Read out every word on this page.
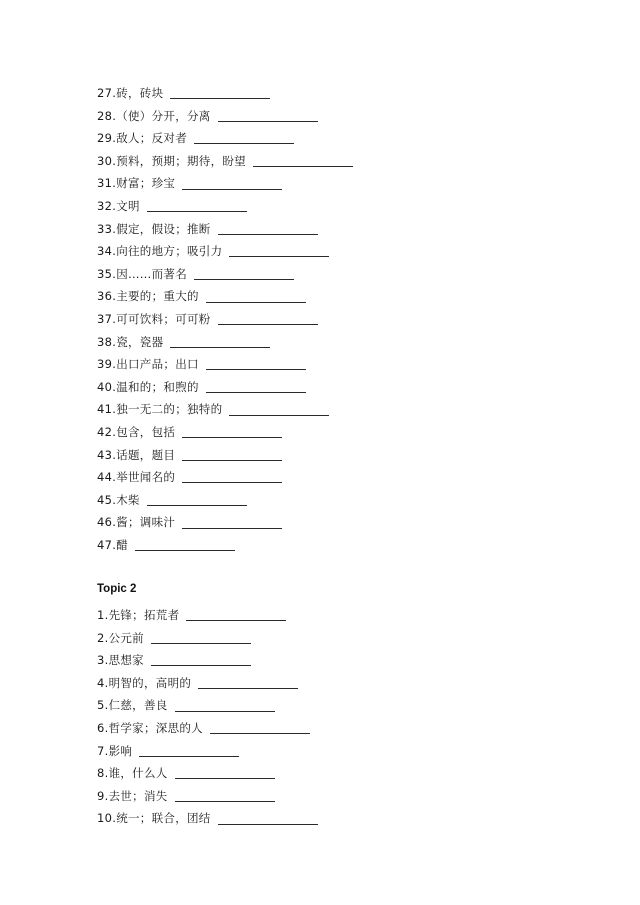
27.砖，砖块
28.（使）分开，分离
29.敌人；反对者
30.预料，预期；期待，盼望
31.财富；珍宝
32.文明
33.假定，假设；推断
34.向往的地方；吸引力
35.因……而著名
36.主要的；重大的
37.可可饮料；可可粉
38.瓷，瓷器
39.出口产品；出口
40.温和的；和煦的
41.独一无二的；独特的
42.包含，包括
43.话题，题目
44.举世闻名的
45.木柴
46.酱；调味汁
47.醋
Topic 2
1.先锋；拓荒者
2.公元前
3.思想家
4.明智的，高明的
5.仁慈，善良
6.哲学家；深思的人
7.影响
8.谁，什么人
9.去世；消失
10.统一；联合，团结
